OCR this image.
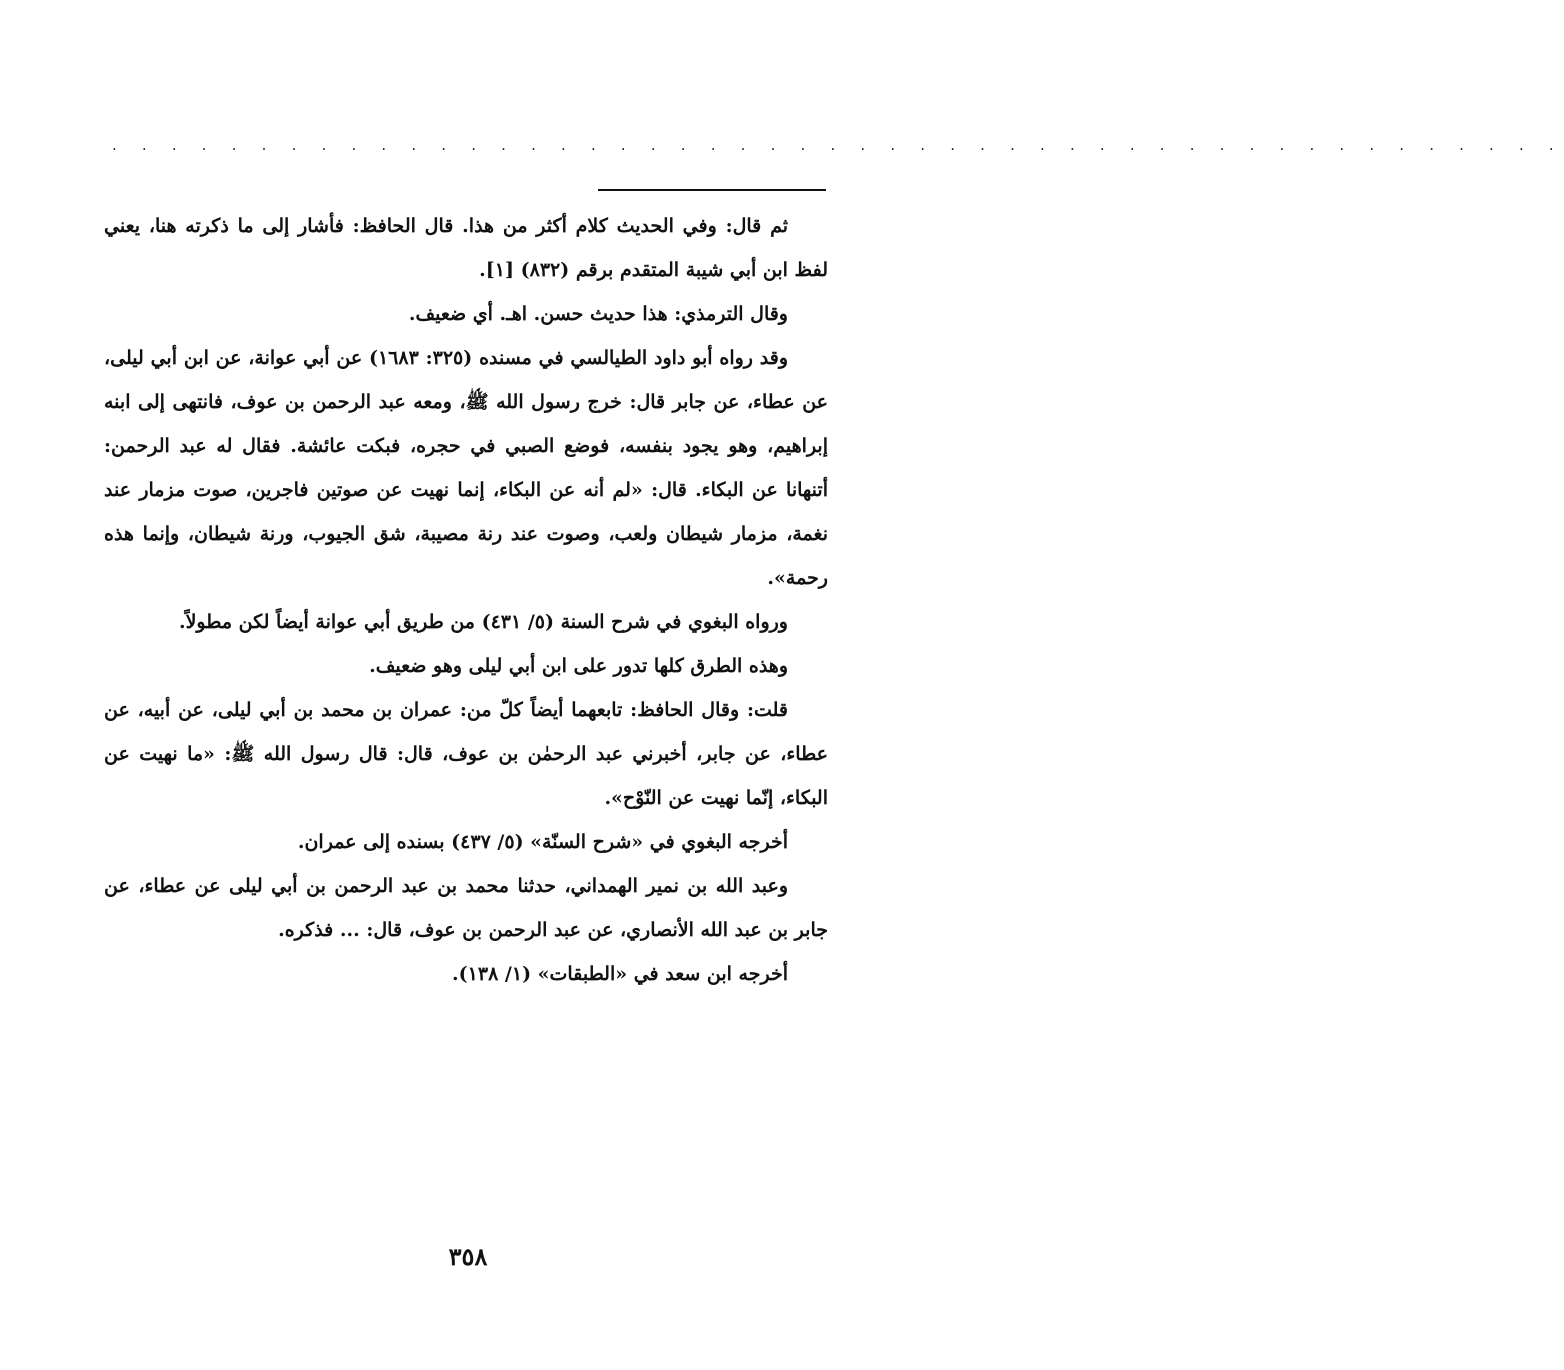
. . . . . . . . . . . . . . . . . . . . . . . . . . . . . . . . . . . . . . . . . . . . . . . . .

ثم قال: وفي الحديث كلام أكثر من هذا. قال الحافظ: فأشار إلى ما ذكرته هنا، يعني لفظ ابن أبي شيبة المتقدم برقم (٨٣٢) [١].

وقال الترمذي: هذا حديث حسن. اهـ. أي ضعيف.

وقد رواه أبو داود الطيالسي في مسنده (٣٢٥: ١٦٨٣) عن أبي عوانة، عن ابن أبي ليلى، عن عطاء، عن جابر قال: خرج رسول الله ﷺ، ومعه عبد الرحمن بن عوف، فانتهى إلى ابنه إبراهيم، وهو يجود بنفسه، فوضع الصبي في حجره، فبكت عائشة. فقال له عبد الرحمن: أتنهانا عن البكاء. قال: «لم أنه عن البكاء، إنما نهيت عن صوتين فاجرين، صوت مزمار عند نغمة، مزمار شيطان ولعب، وصوت عند رنة مصيبة، شق الجيوب، ورنة شيطان، وإنما هذه رحمة».

ورواه البغوي في شرح السنة (٥/ ٤٣١) من طريق أبي عوانة أيضاً لكن مطولاً.

وهذه الطرق كلها تدور على ابن أبي ليلى وهو ضعيف.

قلت: وقال الحافظ: تابعهما أيضاً كلّ من: عمران بن محمد بن أبي ليلى، عن أبيه، عن عطاء، عن جابر، أخبرني عبد الرحمٰن بن عوف، قال: قال رسول الله ﷺ: «ما نهيت عن البكاء، إنّما نهيت عن النّوْح».

أخرجه البغوي في «شرح السنّة» (٥/ ٤٣٧) بسنده إلى عمران.

وعبد الله بن نمير الهمداني، حدثنا محمد بن عبد الرحمن بن أبي ليلى عن عطاء، عن جابر بن عبد الله الأنصاري، عن عبد الرحمن بن عوف، قال: ... فذكره.

أخرجه ابن سعد في «الطبقات» (١/ ١٣٨).

٣٥٨
